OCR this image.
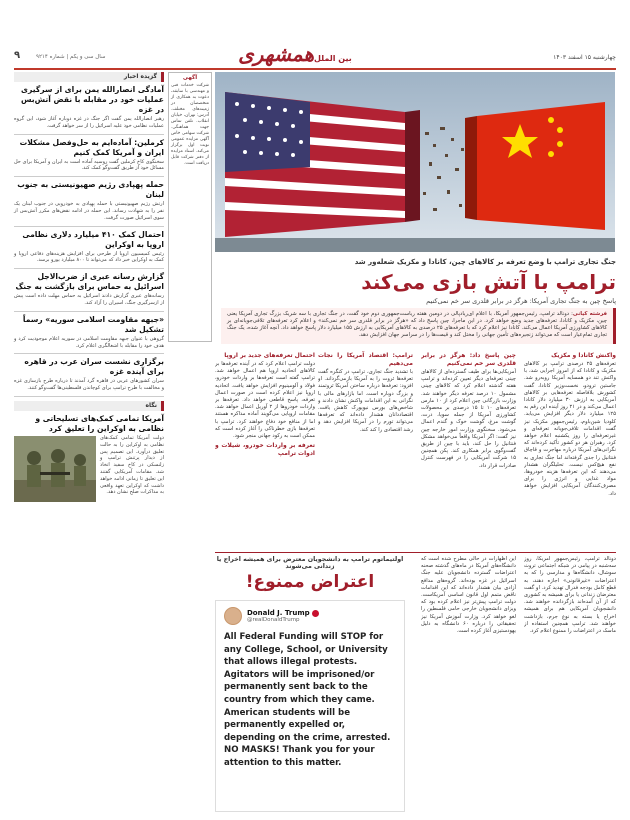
چهارشنبه ۱۵ اسفند ۱۴۰۳
بین الملل
همشهری
سال سی و یکم | شماره ۹۲۱۴
۹
جنگ تجاری ترامپ با وضع تعرفه بر کالاهای چین، کانادا و مکزیک شعله‌ور شد
ترامپ با آتش بازی می‌کند
پاسخ چین به جنگ تجاری آمریکا: هرگز در برابر قلدری سر خم نمی‌کنیم
فرشته کیانی: دونالد ترامپ، رئیس‌جمهور آمریکا، با اعلام ای‌ریادپالی در دومین هفته ریاست‌جمهوری دوم خود گفت، در جنگ تجاری با سه شریک بزرگ تجاری آمریکا یعنی چین، مکزیک و کانادا، تعرفه‌های جدید وضع خواهد کرد. در این ماجرا، چین پاسخ داد که «هرگز در برابر قلدری سر خم نمی‌کند» و اعلام کرد تعرفه‌های تلافی‌جویانه‌ای بر کالاهای کشاورزی آمریکا اعمال می‌کند. کانادا نیز اعلام کرد که با تعرفه‌های ۲۵ درصدی به کالاهای آمریکایی به ارزش ۱۵۵ میلیارد دلار پاسخ خواهد داد. آنچه آغاز شده، یک جنگ تجاری تمام‌عیار است که می‌تواند زنجیره‌های تأمین جهانی را مختل کند و قیمت‌ها را در سراسر جهان افزایش دهد.
واکنش کانادا و مکزیک

تعرفه‌های ۲۵ درصدی ترامپ بر کالاهای مکزیک و کانادا که از امروز اجرایی شد، با واکنش تند دو همسایه آمریکا روبه‌رو شد. جاستین ترودو، نخست‌وزیر کانادا، گفت کشورش بلافاصله تعرفه‌هایی بر کالاهای آمریکایی به ارزش ۳۰ میلیارد دلار کانادا اعمال می‌کند و در ۲۱ روز آینده این رقم به ۱۲۵ میلیارد دلار دیگر افزایش می‌یابد. کلودیا شین‌باوم، رئیس‌جمهور مکزیک نیز گفت اقدامات تلافی‌جویانه تعرفه‌ای و غیرتعرفه‌ای را روز یکشنبه اعلام خواهد کرد. رهبران هر دو کشور تأکید کرده‌اند که نگرانی‌های آمریکا درباره مهاجرت و قاچاق فنتانیل را جدی گرفته‌اند اما جنگ تجاری به نفع هیچ‌کس نیست. تحلیلگران هشدار می‌دهند که این تعرفه‌ها هزینه خودروها، مواد غذایی و انرژی را برای مصرف‌کنندگان آمریکایی افزایش خواهد داد.

چین پاسخ داد: هرگز در برابر قلدری سر خم نمی‌کنیم

آمریکایی‌ها برای طیف گسترده‌ای از کالاهای چینی تعرفه‌ای دیگر تعیین کرده‌اند و ترامپ هفته گذشته اعلام کرد که کالاهای چینی مشمول ۱۰ درصد تعرفه دیگر خواهند شد. وزارت بازرگانی چین اعلام کرد از ۱۰ مارس تعرفه‌های ۱۰ تا ۱۵ درصدی بر محصولات کشاورزی آمریکا از جمله سویا، ذرت، گوشت مرغ، گوشت خوک و گندم اعمال می‌شود. سخنگوی وزارت امور خارجه چین نیز گفت: اگر آمریکا واقعاً می‌خواهد مشکل فنتانیل را حل کند، باید با چین از طریق گفت‌وگوی برابر همکاری کند. پکن همچنین ۱۵ شرکت آمریکایی را در فهرست کنترل صادرات قرار داد.

ترامپ: اقتصاد آمریکا را نجات می‌دهیم

با تشدید جنگ تجاری، ترامپ در کنگره گفت تعرفه‌ها ثروت را به آمریکا بازمی‌گرداند. او افزود: تعرفه‌ها درباره ساختن آمریکا ثروتمند و بزرگ دوباره است. اما بازارهای مالی با نگرانی به این اقدامات واکنش نشان دادند و شاخص‌های بورس نیویورک کاهش یافت. اقتصاددانان هشدار داده‌اند که تعرفه‌ها می‌تواند تورم را در آمریکا افزایش دهد و رشد اقتصادی را کند کند.

احتمال تعرفه‌های جدید بر اروپا

دولت ترامپ اعلام کرد که در آینده تعرفه‌ها بر کالاهای اتحادیه اروپا هم اعمال خواهد شد. ترامپ گفته است تعرفه‌ها بر واردات خودرو، فولاد و آلومینیوم افزایش خواهد یافت. اتحادیه اروپا نیز اعلام کرده است در صورت اعمال تعرفه، پاسخ قاطعی خواهد داد. تعرفه‌ها بر واردات خودروها از ۲ آوریل اعمال خواهد شد. مقامات اروپایی می‌گویند آماده مذاکره هستند اما از منافع خود دفاع خواهند کرد. ترامپ با تعرفه‌ها بازی خطرناکی را آغاز کرده است که ممکن است به رکود جهانی منجر شود.

تعرفه بر واردات خودرو، شیلات و ادوات ترامپ

دونالد ترامپ، رئیس‌جمهور آمریکا، روز سه‌شنبه در پیامی در شبکه اجتماعی تروث سوشال، دانشگاه‌ها و مدارسی را که به اعتراضات «غیرقانونی» اجازه دهند، به قطع کامل بودجه فدرال تهدید کرد. او گفت معترضان زندانی یا برای همیشه به کشوری که از آن آمده‌اند بازگردانده خواهند شد. دانشجویان آمریکایی هم برای همیشه اخراج یا بسته به نوع جرم، بازداشت خواهند شد. ترامپ همچنین استفاده از ماسک در اعتراضات را ممنوع اعلام کرد.

این اظهارات در حالی مطرح شده است که دانشگاه‌های آمریکا در ماه‌های گذشته صحنه اعتراضات گسترده دانشجویان علیه جنگ اسرائیل در غزه بوده‌اند. گروه‌های مدافع آزادی بیان هشدار داده‌اند که این اقدامات ناقض متمم اول قانون اساسی آمریکاست. دولت ترامپ پیش‌تر نیز اعلام کرده بود که ویزای دانشجویان خارجی حامی فلسطین را لغو خواهد کرد. وزارت آموزش آمریکا نیز تحقیقاتی را درباره ۶۰ دانشگاه به دلیل یهودستیزی آغاز کرده است.

اولتیماتوم ترامپ به دانشجویان معترض برای همیشه اخراج یا زندانی می‌شوند
اعتراض ممنوع!
Donald J. Trump
@realDonaldTrump
All Federal Funding will STOP for any College, School, or University that allows illegal protests. Agitators will be imprisoned/or permanently sent back to the country from which they came. American students will be permanently expelled or, depending on the crime, arrested. NO MASKS! Thank you for your attention to this matter.
آگهی
شرکت خدمات فنی و مهندسی با سابقه، دعوت به همکاری از متخصصان در زمینه‌های مختلف. آدرس: تهران، خیابان انقلاب. تلفن تماس جهت هماهنگی. شرکت سهامی خاص آگهی مزایده عمومی نوبت اول برگزار می‌کند. اسناد مزایده از دفتر شرکت قابل دریافت است.
گزیده اخبار
آمادگی انصارالله یمن برای از سرگیری عملیات خود در مقابله با نقض آتش‌بس در غزه

رهبر انصارالله یمن گفت اگر جنگ در غزه دوباره آغاز شود، این گروه عملیات نظامی خود علیه اسرائیل را از سر خواهد گرفت.

کرملین: آماده‌ایم به حل‌وفصل مشکلات ایران و آمریکا کمک کنیم

سخنگوی کاخ کرملین گفت روسیه آماده است به ایران و آمریکا برای حل مسائل خود از طریق گفت‌وگو کمک کند.

حمله پهپادی رژیم صهیونیستی به جنوب لبنان

ارتش رژیم صهیونیستی با حمله پهپادی به خودرویی در جنوب لبنان یک نفر را به شهادت رساند. این حمله در ادامه نقض‌های مکرر آتش‌بس از سوی اسرائیل صورت گرفت.

احتمال کمک ۴۱۰ میلیارد دلاری نظامی اروپا به اوکراین

رئیس کمیسیون اروپا از طرحی برای افزایش هزینه‌های دفاعی اروپا و کمک به اوکراین خبر داد که می‌تواند تا ۸۰۰ میلیارد یورو برسد.

گزارش رسانه عبری از ضرب‌الاجل اسرائیل به حماس برای بازگشت به جنگ

رسانه‌های عبری گزارش دادند اسرائیل به حماس مهلت داده است پیش از ازسرگیری جنگ، اسیران را آزاد کند.

«جبهه مقاومت اسلامی سوریه» رسماً تشکیل شد

گروهی با عنوان جبهه مقاومت اسلامی در سوریه اعلام موجودیت کرد و هدف خود را مقابله با اشغالگری اعلام کرد.

برگزاری نشست سران عرب در قاهره برای آینده غزه

سران کشورهای عربی در قاهره گرد آمدند تا درباره طرح بازسازی غزه و مخالفت با طرح ترامپ برای کوچاندن فلسطینی‌ها گفت‌وگو کنند.

نگاه
آمریکا تمامی کمک‌های تسلیحاتی و نظامی به اوکراین را تعلیق کرد

دولت آمریکا تمامی کمک‌های نظامی به اوکراین را به حالت تعلیق درآورد. این تصمیم پس از دیدار پرتنش ترامپ و زلنسکی در کاخ سفید اتخاذ شد. مقامات آمریکایی گفتند این تعلیق تا زمانی ادامه خواهد داشت که اوکراین تعهد واقعی به مذاکرات صلح نشان دهد.
